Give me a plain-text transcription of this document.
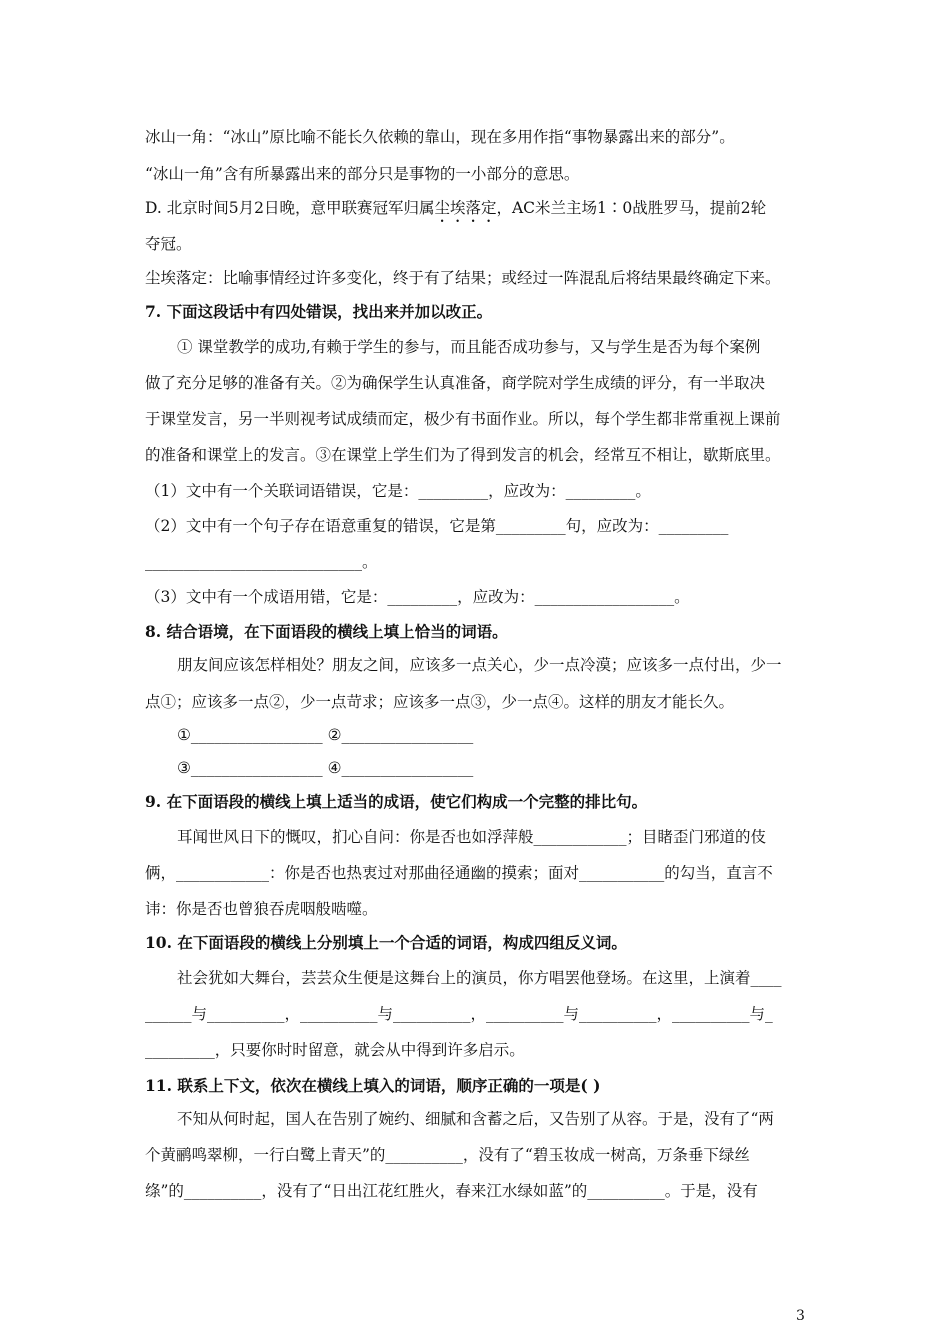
冰山一角：“冰山”原比喻不能长久依赖的靠山，现在多用作指“事物暴露出来的部分”。
“冰山一角”含有所暴露出来的部分只是事物的一小部分的意思。
D. 北京时间5月2日晚，意甲联赛冠军归属尘埃落定，AC米兰主场1∶0战胜罗马，提前2轮
夺冠。
尘埃落定：比喻事情经过许多变化，终于有了结果；或经过一阵混乱后将结果最终确定下来。
7. 下面这段话中有四处错误，找出来并加以改正。
① 课堂教学的成功,有赖于学生的参与，而且能否成功参与，又与学生是否为每个案例
做了充分足够的准备有关。②为确保学生认真准备，商学院对学生成绩的评分，有一半取决
于课堂发言，另一半则视考试成绩而定，极少有书面作业。所以，每个学生都非常重视上课前
的准备和课堂上的发言。③在课堂上学生们为了得到发言的机会，经常互不相让，歇斯底里。
（1）文中有一个关联词语错误，它是：_________，应改为：_________。
（2）文中有一个句子存在语意重复的错误，它是第_________句，应改为：_________
____________________________。
（3）文中有一个成语用错，它是：_________，应改为：__________________。
8. 结合语境，在下面语段的横线上填上恰当的词语。
朋友间应该怎样相处？朋友之间，应该多一点关心，少一点冷漠；应该多一点付出，少一
点①；应该多一点②，少一点苛求；应该多一点③，少一点④。这样的朋友才能长久。
①_________________ ②_________________
③_________________ ④_________________
9. 在下面语段的横线上填上适当的成语，使它们构成一个完整的排比句。
耳闻世风日下的慨叹，扪心自问：你是否也如浮萍般____________；目睹歪门邪道的伎
俩，____________：你是否也热衷过对那曲径通幽的摸索；面对___________的勾当，直言不
讳：你是否也曾狼吞虎咽般啮噬。
10. 在下面语段的横线上分别填上一个合适的词语，构成四组反义词。
社会犹如大舞台，芸芸众生便是这舞台上的演员，你方唱罢他登场。在这里，上演着____
______与__________，__________与__________，__________与__________，__________与_
_________，只要你时时留意，就会从中得到许多启示。
11. 联系上下文，依次在横线上填入的词语，顺序正确的一项是( )
不知从何时起，国人在告别了婉约、细腻和含蓄之后，又告别了从容。于是，没有了“两
个黄鹂鸣翠柳，一行白鹭上青天”的__________，没有了“碧玉妆成一树高，万条垂下绿丝
绦”的__________，没有了“日出江花红胜火，春来江水绿如蓝”的__________。于是，没有
3
